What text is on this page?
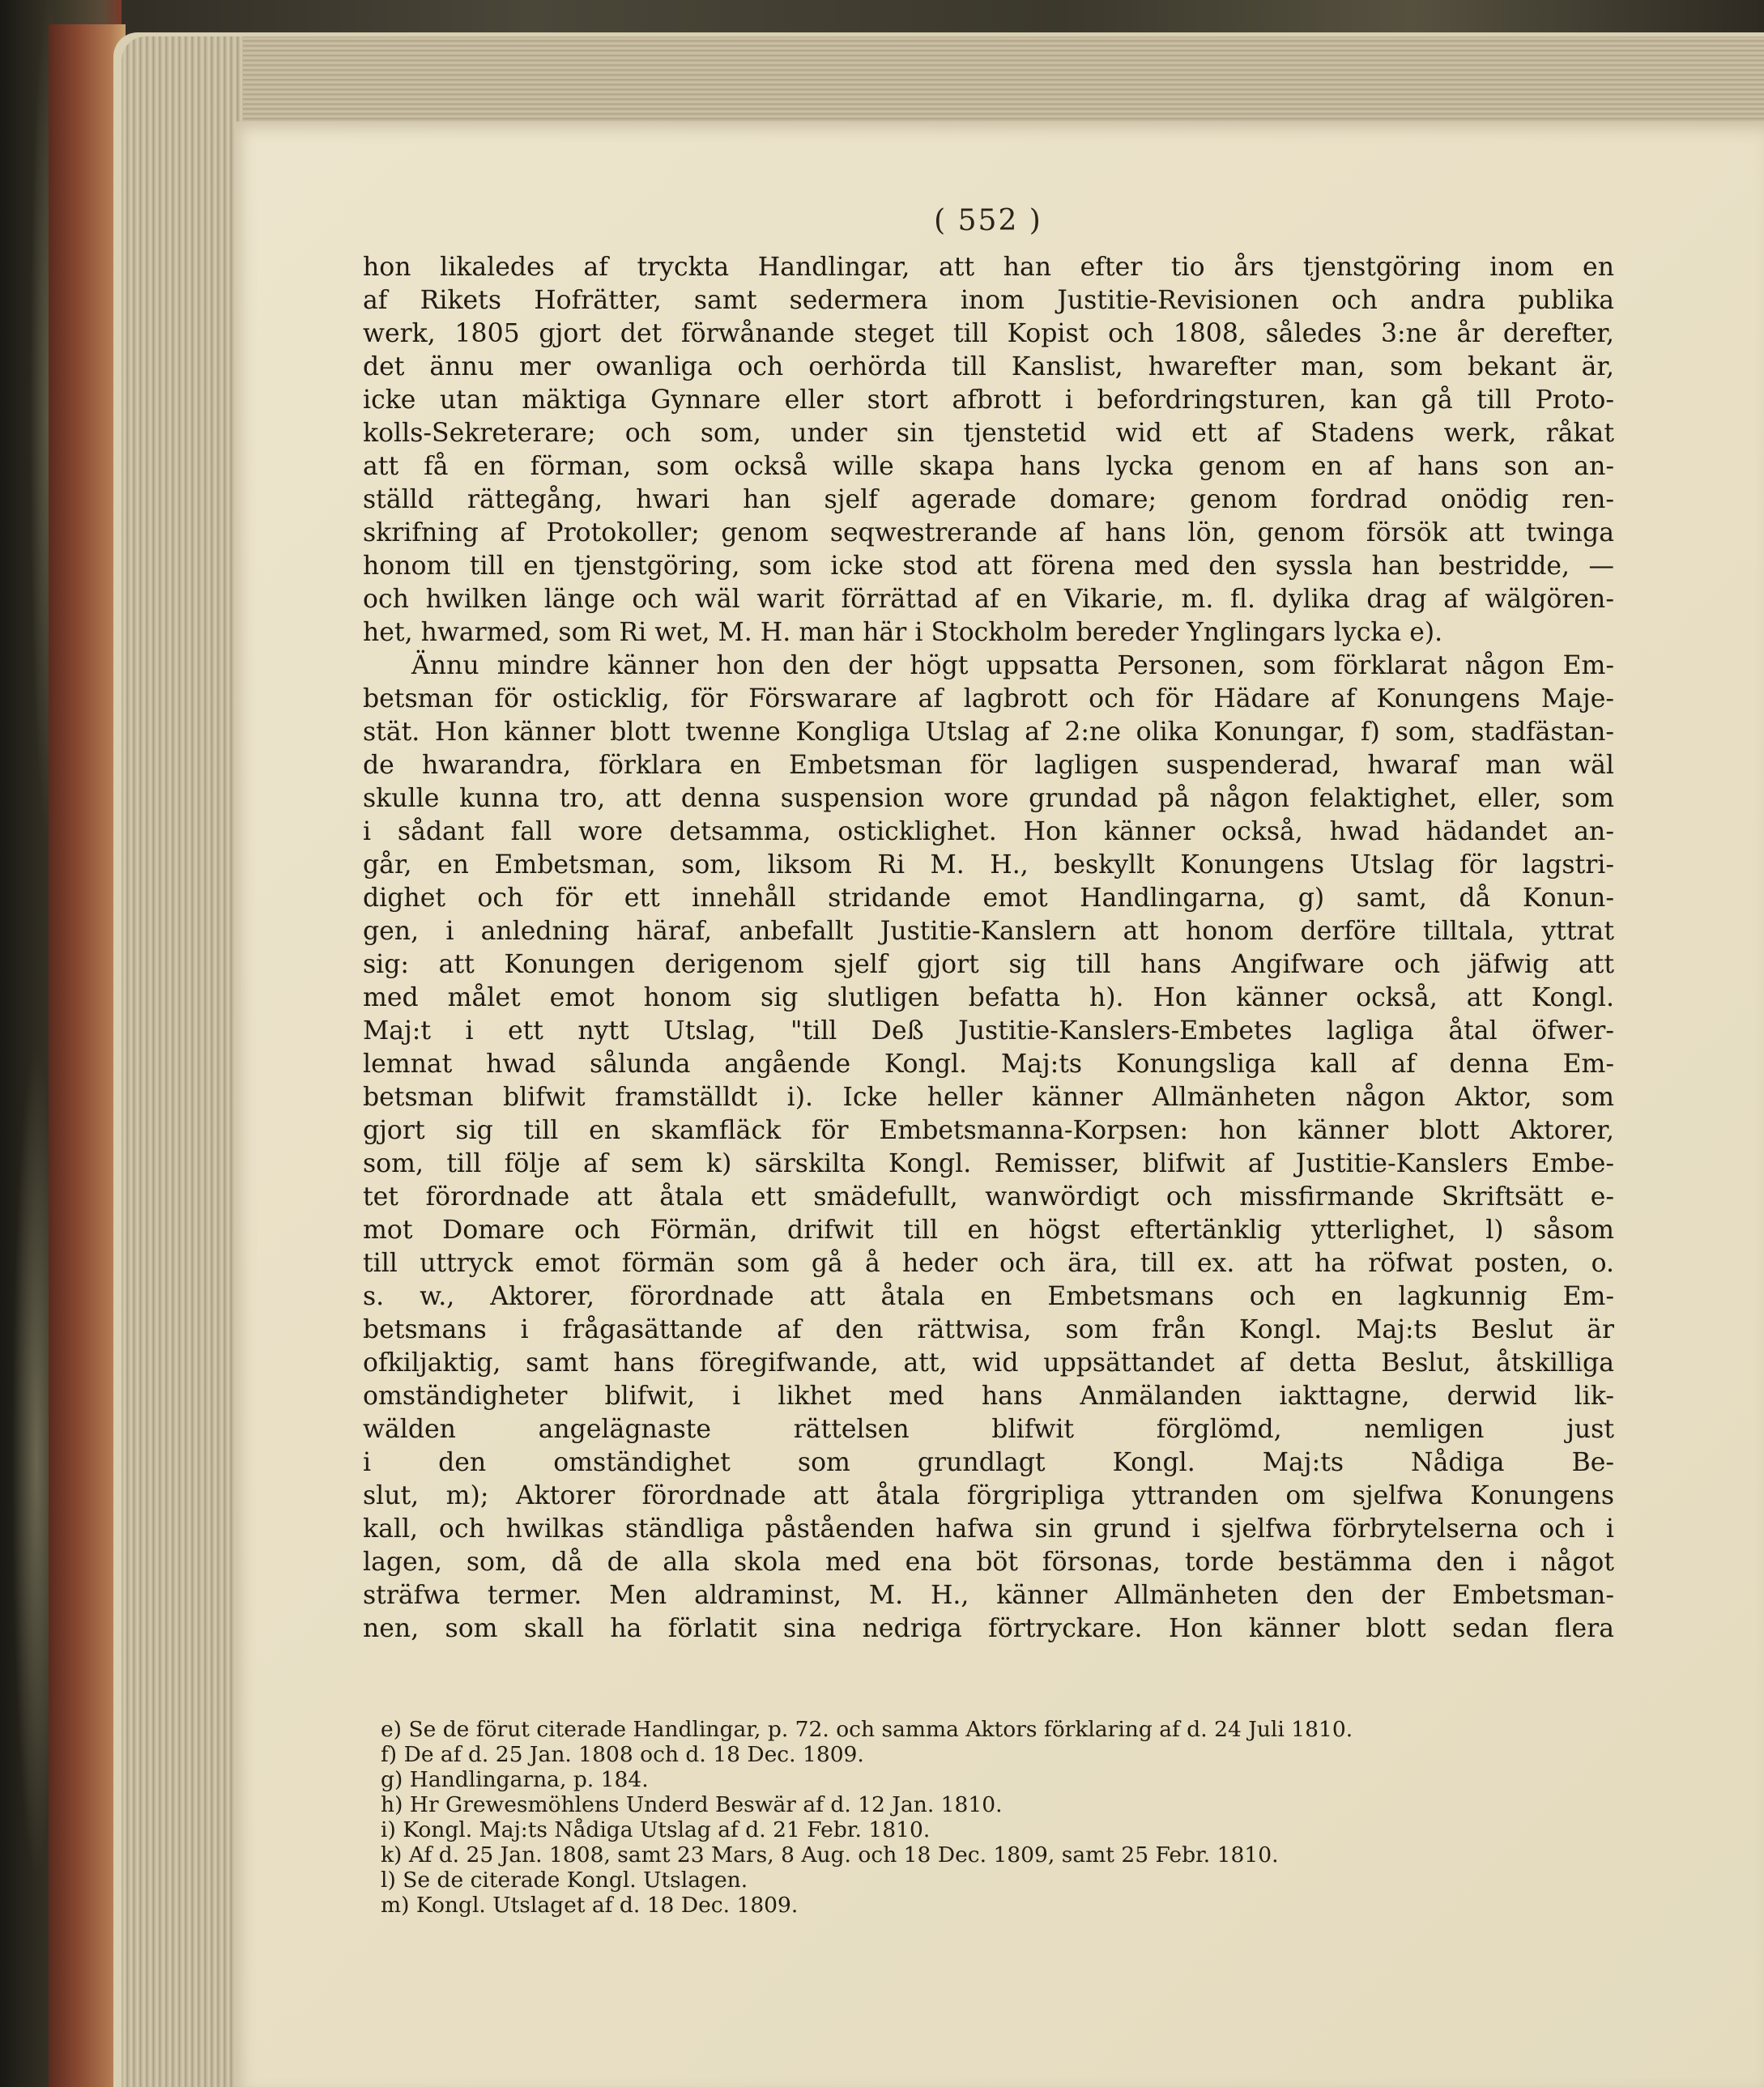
( 552 )
hon likaledes af tryckta Handlingar, att han efter tio års tjenstgöring inom en
af Rikets Hofrätter, samt sedermera inom Justitie-Revisionen och andra publika
werk, 1805 gjort det förwånande steget till Kopist och 1808, således 3:ne år derefter,
det ännu mer owanliga och oerhörda till Kanslist, hwarefter man, som bekant är,
icke utan mäktiga Gynnare eller stort afbrott i befordringsturen, kan gå till Proto-
kolls-Sekreterare; och som, under sin tjenstetid wid ett af Stadens werk, råkat
att få en förman, som också wille skapa hans lycka genom en af hans son an-
ställd rättegång, hwari han sjelf agerade domare; genom fordrad onödig ren-
skrifning af Protokoller; genom seqwestrerande af hans lön, genom försök att twinga
honom till en tjenstgöring, som icke stod att förena med den syssla han bestridde, —
och hwilken länge och wäl warit förrättad af en Vikarie, m. fl. dylika drag af wälgören-
het, hwarmed, som Ri wet, M. H. man här i Stockholm bereder Ynglingars lycka e).
Ännu mindre känner hon den der högt uppsatta Personen, som förklarat någon Em-
betsman för osticklig, för Förswarare af lagbrott och för Hädare af Konungens Maje-
stät. Hon känner blott twenne Kongliga Utslag af 2:ne olika Konungar, f) som, stadfästan-
de hwarandra, förklara en Embetsman för lagligen suspenderad, hwaraf man wäl
skulle kunna tro, att denna suspension wore grundad på någon felaktighet, eller, som
i sådant fall wore detsamma, osticklighet. Hon känner också, hwad hädandet an-
går, en Embetsman, som, liksom Ri M. H., beskyllt Konungens Utslag för lagstri-
dighet och för ett innehåll stridande emot Handlingarna, g) samt, då Konun-
gen, i anledning häraf, anbefallt Justitie-Kanslern att honom derföre tilltala, yttrat
sig: att Konungen derigenom sjelf gjort sig till hans Angifware och jäfwig att
med målet emot honom sig slutligen befatta h). Hon känner också, att Kongl.
Maj:t i ett nytt Utslag, "till Deß Justitie-Kanslers-Embetes lagliga åtal öfwer-
lemnat hwad sålunda angående Kongl. Maj:ts Konungsliga kall af denna Em-
betsman blifwit framställdt i). Icke heller känner Allmänheten någon Aktor, som
gjort sig till en skamfläck för Embetsmanna-Korpsen: hon känner blott Aktorer,
som, till följe af sem k) särskilta Kongl. Remisser, blifwit af Justitie-Kanslers Embe-
tet förordnade att åtala ett smädefullt, wanwördigt och missfirmande Skriftsätt e-
mot Domare och Förmän, drifwit till en högst eftertänklig ytterlighet, l) såsom
till uttryck emot förmän som gå å heder och ära, till ex. att ha röfwat posten, o.
s. w., Aktorer, förordnade att åtala en Embetsmans och en lagkunnig Em-
betsmans i frågasättande af den rättwisa, som från Kongl. Maj:ts Beslut är
ofkiljaktig, samt hans föregifwande, att, wid uppsättandet af detta Beslut, åtskilliga
omständigheter blifwit, i likhet med hans Anmälanden iakttagne, derwid lik-
wälden angelägnaste rättelsen blifwit förglömd, nemligen just
i den omständighet som grundlagt Kongl. Maj:ts Nådiga Be-
slut, m); Aktorer förordnade att åtala förgripliga yttranden om sjelfwa Konungens
kall, och hwilkas ständliga påståenden hafwa sin grund i sjelfwa förbrytelserna och i
lagen, som, då de alla skola med ena böt försonas, torde bestämma den i något
sträfwa termer. Men aldraminst, M. H., känner Allmänheten den der Embetsman-
nen, som skall ha förlatit sina nedriga förtryckare. Hon känner blott sedan flera
e) Se de förut citerade Handlingar, p. 72. och samma Aktors förklaring af d. 24 Juli 1810.
f) De af d. 25 Jan. 1808 och d. 18 Dec. 1809.
g) Handlingarna, p. 184.
h) Hr Grewesmöhlens Underd Beswär af d. 12 Jan. 1810.
i) Kongl. Maj:ts Nådiga Utslag af d. 21 Febr. 1810.
k) Af d. 25 Jan. 1808, samt 23 Mars, 8 Aug. och 18 Dec. 1809, samt 25 Febr. 1810.
l) Se de citerade Kongl. Utslagen.
m) Kongl. Utslaget af d. 18 Dec. 1809.
